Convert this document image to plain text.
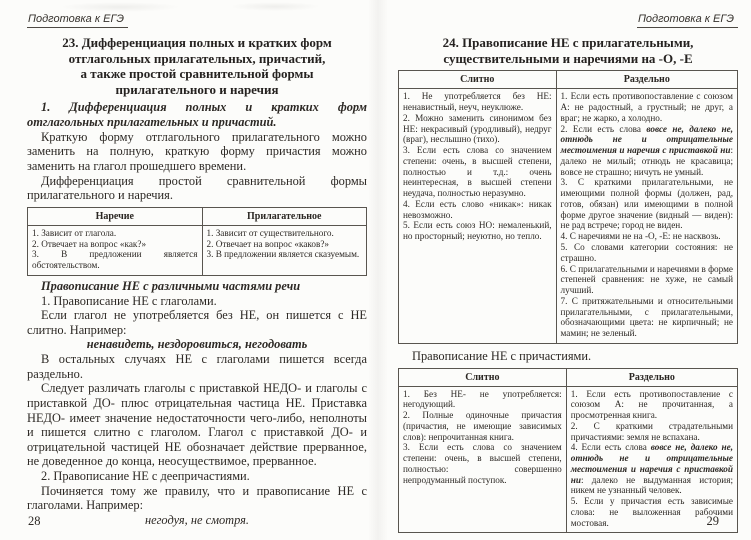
Подготовка к ЕГЭ
23. Дифференциация полных и кратких форм
отглагольных прилагательных, причастий,
а также простой сравнительной формы
прилагательного и наречия

1. Дифференциация полных и кратких форм отглагольных прилагательных и причастий.

Краткую форму отглагольного прилагательного можно заменить на полную, краткую форму причастия можно заменить на глагол прошедшего времени.

Дифференциация простой сравнительной формы прилагательного и наречия.

Наречие	Прилагательное

1. Зависит от глагола.
2. Отвечает на вопрос «как?»
3. В предложении является обстоятельством.

1. Зависит от существительного.
2. Отвечает на вопрос «каков?»
3. В предложении является сказуемым.

Правописание НЕ с различными частями речи

1. Правописание НЕ с глаголами.

Если глагол не употребляется без НЕ, он пишется с НЕ слитно. Например:

ненавидеть, нездоровиться, негодовать

В остальных случаях НЕ с глаголами пишется всегда раздельно.

Следует различать глаголы с приставкой НЕДО- и глаголы с приставкой ДО- плюс отрицательная частица НЕ. Приставка НЕДО- имеет значение недостаточности чего-либо, неполноты и пишется слитно с глаголом. Глагол с приставкой ДО- и отрицательной частицей НЕ обозначает действие прерванное, не доведенное до конца, неосуществимое, прерванное.

2. Правописание НЕ с деепричастиями.

Починяется тому же правилу, что и правописание НЕ с глаголами. Например:

негодуя, не смотря.

28
Подготовка к ЕГЭ
24. Правописание НЕ с прилагательными,
существительными и наречиями на -О, -Е
Слитно	Раздельно

1. Не употребляется без НЕ: ненавистный, неуч, неуклюже.
2. Можно заменить синонимом без НЕ: некрасивый (уродливый), недруг (враг), неслышно (тихо).
3. Если есть слова со значением степени: очень, в высшей степени, полностью и т.д.: очень неинтересная, в высшей степени неудача, полностью неразумно.
4. Если есть слово «никак»: никак невозможно.
5. Если есть союз НО: немаленький, но просторный; неуютно, но тепло.

1. Если есть противопоставление с союзом А: не радостный, а грустный; не друг, а враг; не жарко, а холодно.
2. Если есть слова вовсе не, далеко не, отнюдь не и отрицательные местоимения и наречия с приставкой ни: далеко не милый; отнюдь не красавица; вовсе не страшно; ничуть не умный.
3. С краткими прилагательными, не имеющими полной формы (должен, рад, готов, обязан) или имеющими в полной форме другое значение (видный — виден): не рад встрече; город не виден.
4. С наречиями не на -О, -Е: не насквозь.
5. Со словами категории состояния: не страшно.
6. С прилагательными и наречиями в форме степеней сравнения: не хуже, не самый лучший.
7. С притяжательными и относительными прилагательными, с прилагательными, обозначающими цвета: не кирпичный; не мамин; не зеленый.

Правописание НЕ с причастиями.

Слитно	Раздельно

1. Без НЕ- не употребляется: негодующий.
2. Полные одиночные причастия (причастия, не имеющие зависимых слов): непрочитанная книга.
3. Если есть слова со значением степени: очень, в высшей степени, полностью: совершенно непродуманный поступок.

1. Если есть противопоставление с союзом А: не прочитанная, а просмотренная книга.
2. С краткими страдательными причастиями: земля не вспахана.
4. Если есть слова вовсе не, далеко не, отнюдь не и отрицательные местоимения и наречия с приставкой ни: далеко не выдуманная история; никем не узнанный человек.
5. Если у причастия есть зависимые слова: не выложенная рабочими мостовая.	29
